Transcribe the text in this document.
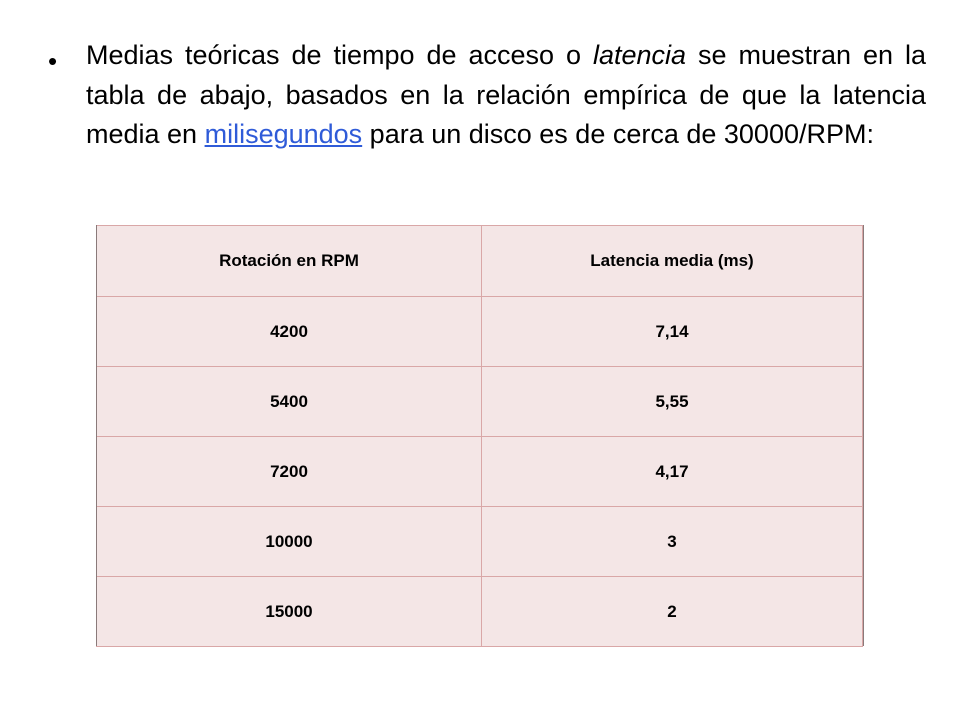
• Medias teóricas de tiempo de acceso o latencia se muestran en la tabla de abajo, basados en la relación empírica de que la latencia media en milisegundos para un disco es de cerca de 30000/RPM:
Rotación en RPM	Latencia media (ms)
4200	7,14
5400	5,55
7200	4,17
10000	3
15000	2
